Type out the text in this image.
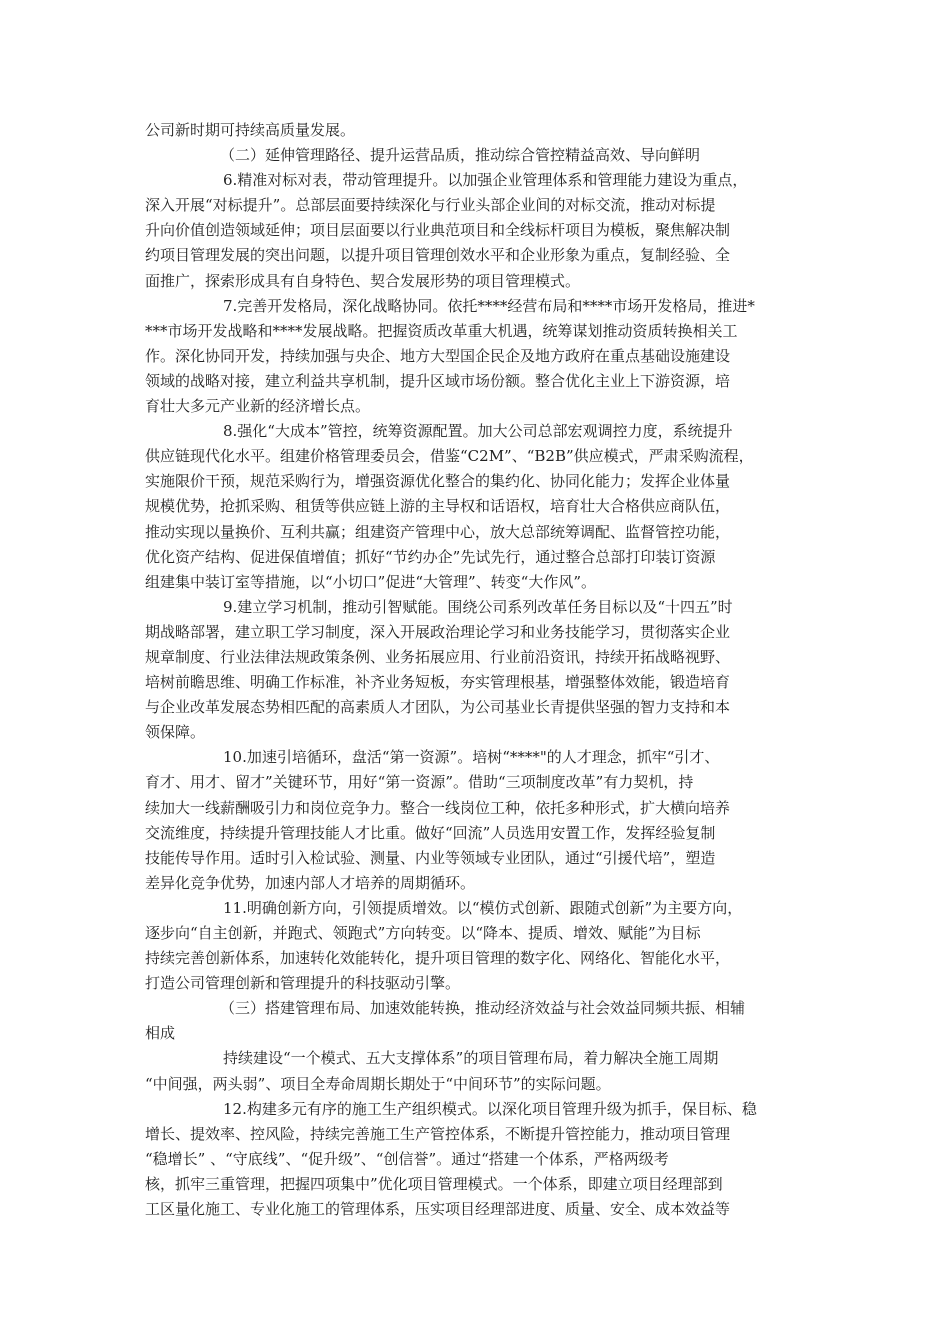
公司新时期可持续高质量发展。
（二）延伸管理路径、提升运营品质，推动综合管控精益高效、导向鲜明
6.精准对标对表，带动管理提升。以加强企业管理体系和管理能力建设为重点，
深入开展“对标提升”。总部层面要持续深化与行业头部企业间的对标交流，推动对标提
升向价值创造领域延伸；项目层面要以行业典范项目和全线标杆项目为模板，聚焦解决制
约项目管理发展的突出问题，以提升项目管理创效水平和企业形象为重点，复制经验、全
面推广，探索形成具有自身特色、契合发展形势的项目管理模式。
7.完善开发格局，深化战略协同。依托****经营布局和****市场开发格局，推进*
***市场开发战略和****发展战略。把握资质改革重大机遇，统筹谋划推动资质转换相关工
作。深化协同开发，持续加强与央企、地方大型国企民企及地方政府在重点基础设施建设
领域的战略对接，建立利益共享机制，提升区域市场份额。整合优化主业上下游资源，培
育壮大多元产业新的经济增长点。
8.强化“大成本”管控，统筹资源配置。加大公司总部宏观调控力度，系统提升
供应链现代化水平。组建价格管理委员会，借鉴“C2M”、“B2B”供应模式，严肃采购流程，
实施限价干预，规范采购行为，增强资源优化整合的集约化、协同化能力；发挥企业体量
规模优势，抢抓采购、租赁等供应链上游的主导权和话语权，培育壮大合格供应商队伍，
推动实现以量换价、互利共赢；组建资产管理中心，放大总部统筹调配、监督管控功能，
优化资产结构、促进保值增值；抓好“节约办企”先试先行，通过整合总部打印装订资源
组建集中装订室等措施，以“小切口”促进“大管理”、转变“大作风”。
9.建立学习机制，推动引智赋能。围绕公司系列改革任务目标以及“十四五”时
期战略部署，建立职工学习制度，深入开展政治理论学习和业务技能学习，贯彻落实企业
规章制度、行业法律法规政策条例、业务拓展应用、行业前沿资讯，持续开拓战略视野、
培树前瞻思维、明确工作标准，补齐业务短板，夯实管理根基，增强整体效能，锻造培育
与企业改革发展态势相匹配的高素质人才团队，为公司基业长青提供坚强的智力支持和本
领保障。
10.加速引培循环，盘活“第一资源”。培树“****"的人才理念，抓牢“引才、
育才、用才、留才”关键环节，用好“第一资源”。借助“三项制度改革”有力契机，持
续加大一线薪酬吸引力和岗位竞争力。整合一线岗位工种，依托多种形式，扩大横向培养
交流维度，持续提升管理技能人才比重。做好“回流”人员选用安置工作，发挥经验复制
技能传导作用。适时引入检试验、测量、内业等领域专业团队，通过“引援代培”，塑造
差异化竞争优势，加速内部人才培养的周期循环。
11.明确创新方向，引领提质增效。以“模仿式创新、跟随式创新”为主要方向，
逐步向“自主创新，并跑式、领跑式”方向转变。以“降本、提质、增效、赋能”为目标
持续完善创新体系，加速转化效能转化，提升项目管理的数字化、网络化、智能化水平，
打造公司管理创新和管理提升的科技驱动引擎。
（三）搭建管理布局、加速效能转换，推动经济效益与社会效益同频共振、相辅
相成
持续建设“一个模式、五大支撑体系”的项目管理布局，着力解决全施工周期
“中间强，两头弱”、项目全寿命周期长期处于“中间环节”的实际问题。
12.构建多元有序的施工生产组织模式。以深化项目管理升级为抓手，保目标、稳
增长、提效率、控风险，持续完善施工生产管控体系，不断提升管控能力，推动项目管理
“稳增长” 、“守底线”、“促升级”、“创信誉”。通过“搭建一个体系，严格两级考
核，抓牢三重管理，把握四项集中”优化项目管理模式。一个体系，即建立项目经理部到
工区量化施工、专业化施工的管理体系，压实项目经理部进度、质量、安全、成本效益等
